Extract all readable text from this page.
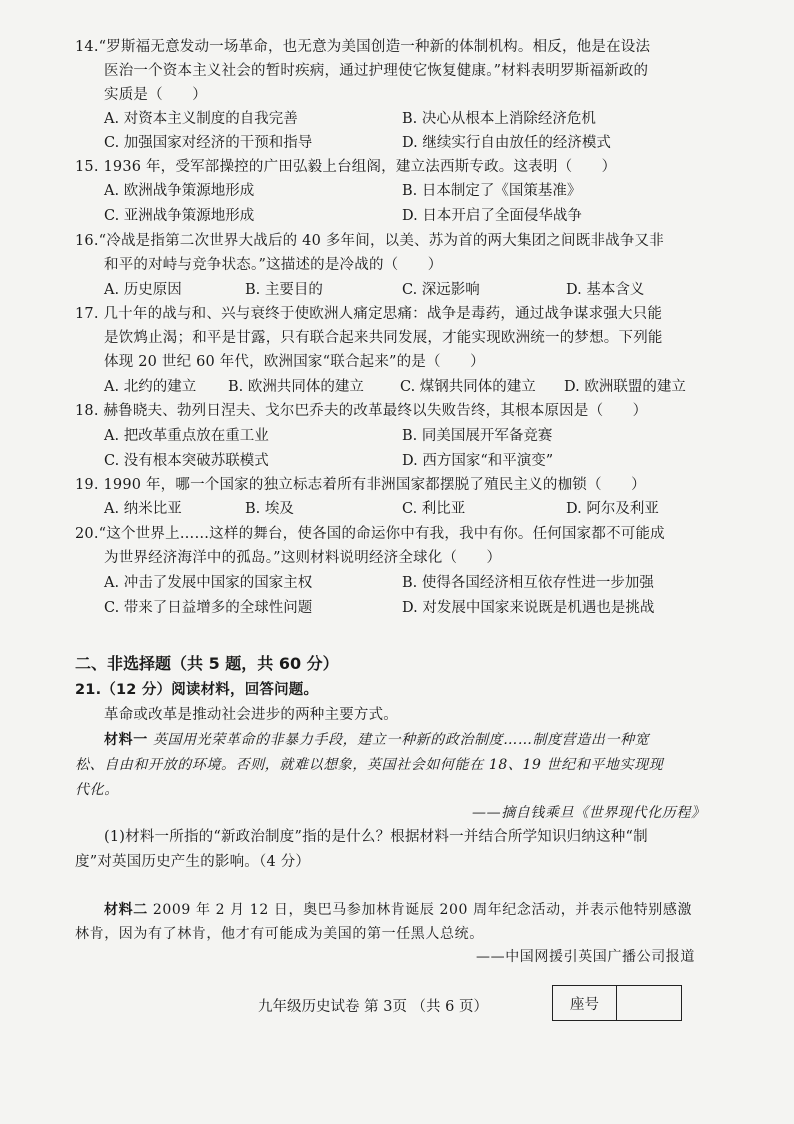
14.“罗斯福无意发动一场革命，也无意为美国创造一种新的体制机构。相反，他是在设法
医治一个资本主义社会的暂时疾病，通过护理使它恢复健康。”材料表明罗斯福新政的
实质是（　　）
A. 对资本主义制度的自我完善	B. 决心从根本上消除经济危机
C. 加强国家对经济的干预和指导	D. 继续实行自由放任的经济模式
15. 1936 年，受军部操控的广田弘毅上台组阁，建立法西斯专政。这表明（　　）
A. 欧洲战争策源地形成	B. 日本制定了《国策基准》
C. 亚洲战争策源地形成	D. 日本开启了全面侵华战争
16.“冷战是指第二次世界大战后的 40 多年间，以美、苏为首的两大集团之间既非战争又非
和平的对峙与竞争状态。”这描述的是冷战的（　　）
A. 历史原因	B. 主要目的	C. 深远影响	D. 基本含义
17. 几十年的战与和、兴与衰终于使欧洲人痛定思痛：战争是毒药，通过战争谋求强大只能
是饮鸩止渴；和平是甘露，只有联合起来共同发展，才能实现欧洲统一的梦想。下列能
体现 20 世纪 60 年代，欧洲国家“联合起来”的是（　　）
A. 北约的建立 B. 欧洲共同体的建立 C. 煤钢共同体的建立 D. 欧洲联盟的建立
18. 赫鲁晓夫、勃列日涅夫、戈尔巴乔夫的改革最终以失败告终，其根本原因是（　　）
A. 把改革重点放在重工业	B. 同美国展开军备竞赛
C. 没有根本突破苏联模式	D. 西方国家“和平演变”
19. 1990 年，哪一个国家的独立标志着所有非洲国家都摆脱了殖民主义的枷锁（　　）
A. 纳米比亚	B. 埃及	C. 利比亚	D. 阿尔及利亚
20.“这个世界上……这样的舞台，使各国的命运你中有我，我中有你。任何国家都不可能成
为世界经济海洋中的孤岛。”这则材料说明经济全球化（　　）
A. 冲击了发展中国家的国家主权	B. 使得各国经济相互依存性进一步加强
C. 带来了日益增多的全球性问题	D. 对发展中国家来说既是机遇也是挑战
二、非选择题（共 5 题，共 60 分）
21.（12 分）阅读材料，回答问题。
革命或改革是推动社会进步的两种主要方式。
材料一 英国用光荣革命的非暴力手段，建立一种新的政治制度……制度营造出一种宽
松、自由和开放的环境。否则，就难以想象，英国社会如何能在 18、19 世纪和平地实现现
代化。
——摘自钱乘旦《世界现代化历程》
(1)材料一所指的“新政治制度”指的是什么？根据材料一并结合所学知识归纳这种“制
度”对英国历史产生的影响。（4 分）
材料二 2009 年 2 月 12 日，奥巴马参加林肯诞辰 200 周年纪念活动，并表示他特别感激
林肯，因为有了林肯，他才有可能成为美国的第一任黑人总统。
——中国网援引英国广播公司报道
九年级历史试卷 第 3页 （共 6 页）	座号
